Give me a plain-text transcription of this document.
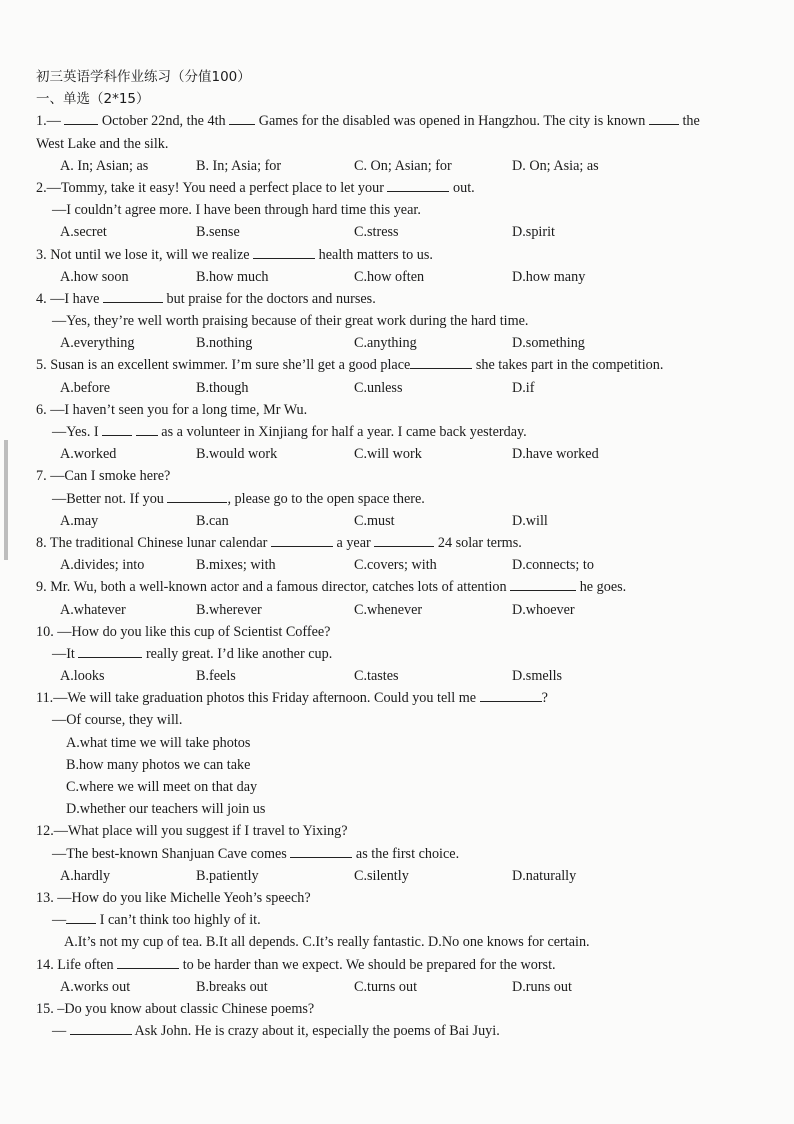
初三英语学科作业练习（分值100）
一、单选（2*15）
1.—  October 22nd, the 4th  Games for the disabled was opened in Hangzhou. The city is known  the
West Lake and the silk.
A. In; Asian; as	B. In; Asia; for	C. On; Asian; for	D. On; Asia; as
2.—Tommy, take it easy! You need a perfect place to let your	out.
—I couldn’t agree more. I have been through hard time this year.
A.secret	B.sense	C.stress	D.spirit
3. Not until we lose it, will we realize	health matters to us.
A.how soon	B.how much	C.how often	D.how many
4. —I have	but praise for the doctors and nurses.
—Yes, they’re well worth praising because of their great work during the hard time.
A.everything	B.nothing	C.anything	D.something
5. Susan is an excellent swimmer. I’m sure she’ll get a good place	she takes part in the competition.
A.before	B.though	C.unless	D.if
6. —I haven’t seen you for a long time, Mr Wu.
—Yes. I	as a volunteer in Xinjiang for half a year. I came back yesterday.
A.worked	B.would work	C.will work	D.have worked
7. —Can I smoke here?
—Better not. If you	, please go to the open space there.
A.may	B.can	C.must	D.will
8. The traditional Chinese lunar calendar	a year	24 solar terms.
A.divides; into	B.mixes; with	C.covers; with	D.connects; to
9. Mr. Wu, both a well-known actor and a famous director, catches lots of attention	he goes.
A.whatever	B.wherever	C.whenever	D.whoever
10. —How do you like this cup of Scientist Coffee?
—It	really great. I’d like another cup.
A.looks	B.feels	C.tastes	D.smells
11.—We will take graduation photos this Friday afternoon. Could you tell me	?
—Of course, they will.
A.what time we will take photos
B.how many photos we can take
C.where we will meet on that day
D.whether our teachers will join us
12.—What place will you suggest if I travel to Yixing?
—The best-known Shanjuan Cave comes	as the first choice.
A.hardly	B.patiently	C.silently	D.naturally
13. —How do you like Michelle Yeoh’s speech?
— I can’t think too highly of it.
A.It’s not my cup of tea. B.It all depends. C.It’s really fantastic. D.No one knows for certain.
14. Life often	to be harder than we expect. We should be prepared for the worst.
A.works out	B.breaks out	C.turns out	D.runs out
15. –Do you know about classic Chinese poems?
—	Ask John. He is crazy about it, especially the poems of Bai Juyi.
